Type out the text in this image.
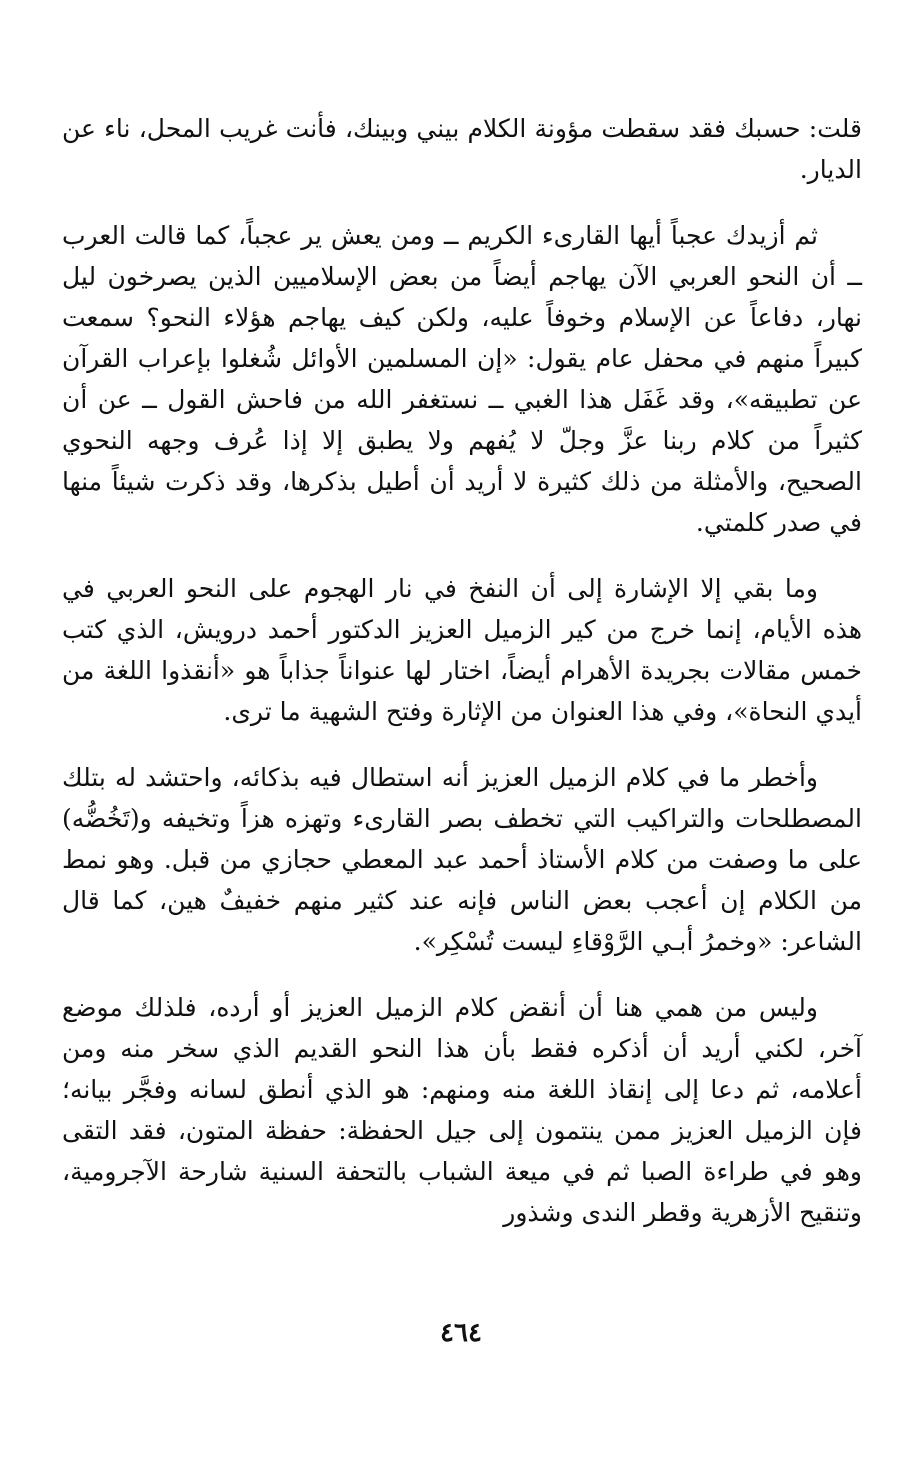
قلت: حسبك فقد سقطت مؤونة الكلام بيني وبينك، فأنت غريب المحل، ناء عن الديار.

ثم أزيدك عجباً أيها القارىء الكريم ــ ومن يعش ير عجباً، كما قالت العرب ــ أن النحو العربي الآن يهاجم أيضاً من بعض الإسلاميين الذين يصرخون ليل نهار، دفاعاً عن الإسلام وخوفاً عليه، ولكن كيف يهاجم هؤلاء النحو؟ سمعت كبيراً منهم في محفل عام يقول: «إن المسلمين الأوائل شُغلوا بإعراب القرآن عن تطبيقه»، وقد غَفَل هذا الغبي ــ نستغفر الله من فاحش القول ــ عن أن كثيراً من كلام ربنا عزَّ وجلّ لا يُفهم ولا يطبق إلا إذا عُرف وجهه النحوي الصحيح، والأمثلة من ذلك كثيرة لا أريد أن أطيل بذكرها، وقد ذكرت شيئاً منها في صدر كلمتي.

وما بقي إلا الإشارة إلى أن النفخ في نار الهجوم على النحو العربي في هذه الأيام، إنما خرج من كير الزميل العزيز الدكتور أحمد درويش، الذي كتب خمس مقالات بجريدة الأهرام أيضاً، اختار لها عنواناً جذاباً هو «أنقذوا اللغة من أيدي النحاة»، وفي هذا العنوان من الإثارة وفتح الشهية ما ترى.

وأخطر ما في كلام الزميل العزيز أنه استطال فيه بذكائه، واحتشد له بتلك المصطلحات والتراكيب التي تخطف بصر القارىء وتهزه هزاً وتخيفه و(تَخُضُّه) على ما وصفت من كلام الأستاذ أحمد عبد المعطي حجازي من قبل. وهو نمط من الكلام إن أعجب بعض الناس فإنه عند كثير منهم خفيفٌ هين، كما قال الشاعر: «وخمرُ أبـي الرَّوْقاءِ ليست تُسْكِر».

وليس من همي هنا أن أنقض كلام الزميل العزيز أو أرده، فلذلك موضع آخر، لكني أريد أن أذكره فقط بأن هذا النحو القديم الذي سخر منه ومن أعلامه، ثم دعا إلى إنقاذ اللغة منه ومنهم: هو الذي أنطق لسانه وفجَّر بيانه؛ فإن الزميل العزيز ممن ينتمون إلى جيل الحفظة: حفظة المتون، فقد التقى وهو في طراءة الصبا ثم في ميعة الشباب بالتحفة السنية شارحة الآجرومية، وتنقيح الأزهرية وقطر الندى وشذور

٤٦٤
